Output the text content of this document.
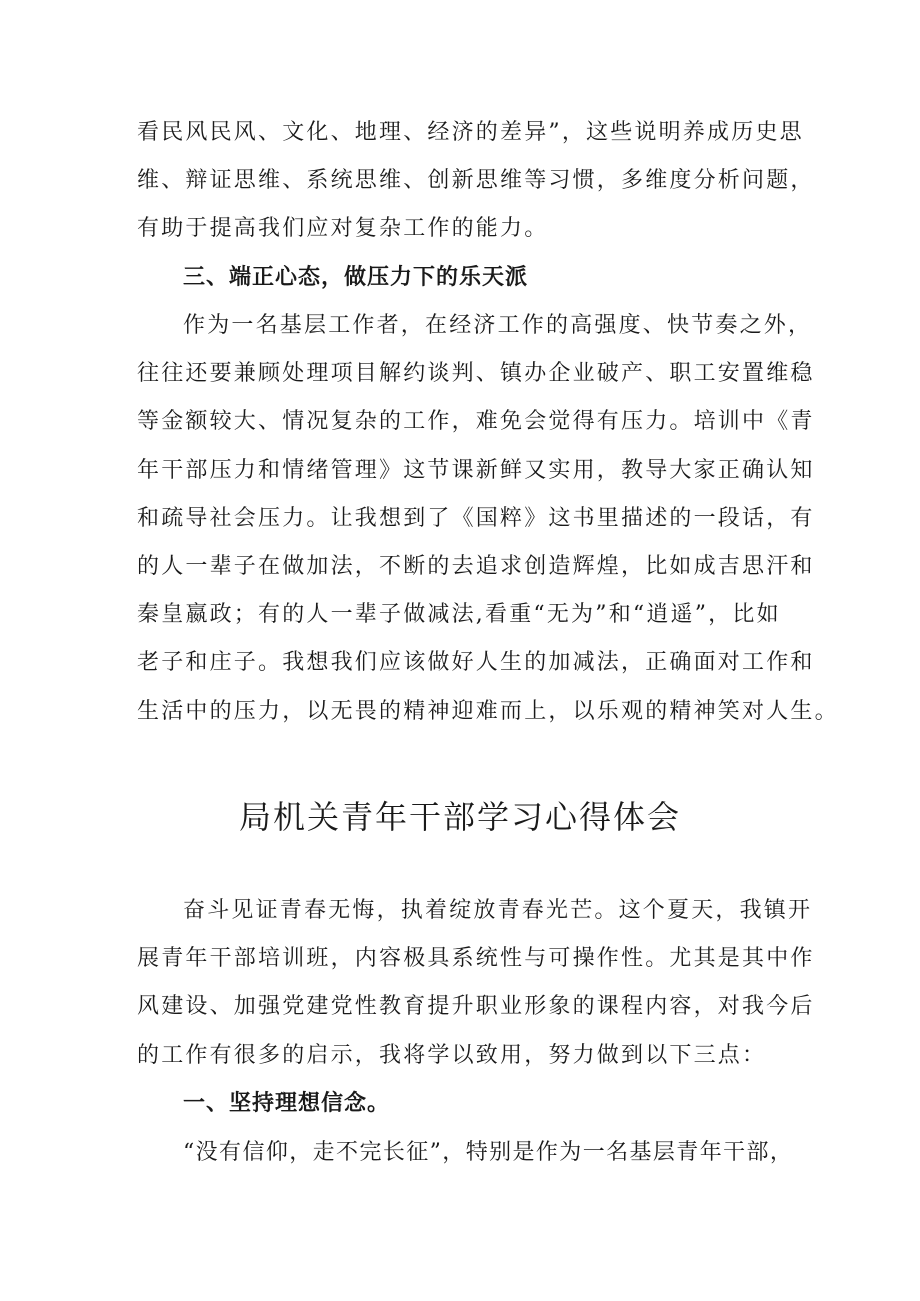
看民风民风、文化、地理、经济的差异”，这些说明养成历史思
维、辩证思维、系统思维、创新思维等习惯，多维度分析问题，
有助于提高我们应对复杂工作的能力。
三、端正心态，做压力下的乐天派
作为一名基层工作者，在经济工作的高强度、快节奏之外，
往往还要兼顾处理项目解约谈判、镇办企业破产、职工安置维稳
等金额较大、情况复杂的工作，难免会觉得有压力。培训中《青
年干部压力和情绪管理》这节课新鲜又实用，教导大家正确认知
和疏导社会压力。让我想到了《国粹》这书里描述的一段话，有
的人一辈子在做加法，不断的去追求创造辉煌，比如成吉思汗和
秦皇嬴政；有的人一辈子做减法,看重“无为”和“逍遥”，比如
老子和庄子。我想我们应该做好人生的加减法，正确面对工作和
生活中的压力，以无畏的精神迎难而上，以乐观的精神笑对人生。
局机关青年干部学习心得体会
奋斗见证青春无悔，执着绽放青春光芒。这个夏天，我镇开
展青年干部培训班，内容极具系统性与可操作性。尤其是其中作
风建设、加强党建党性教育提升职业形象的课程内容，对我今后
的工作有很多的启示，我将学以致用，努力做到以下三点：
一、坚持理想信念。
“没有信仰，走不完长征”，特别是作为一名基层青年干部，
